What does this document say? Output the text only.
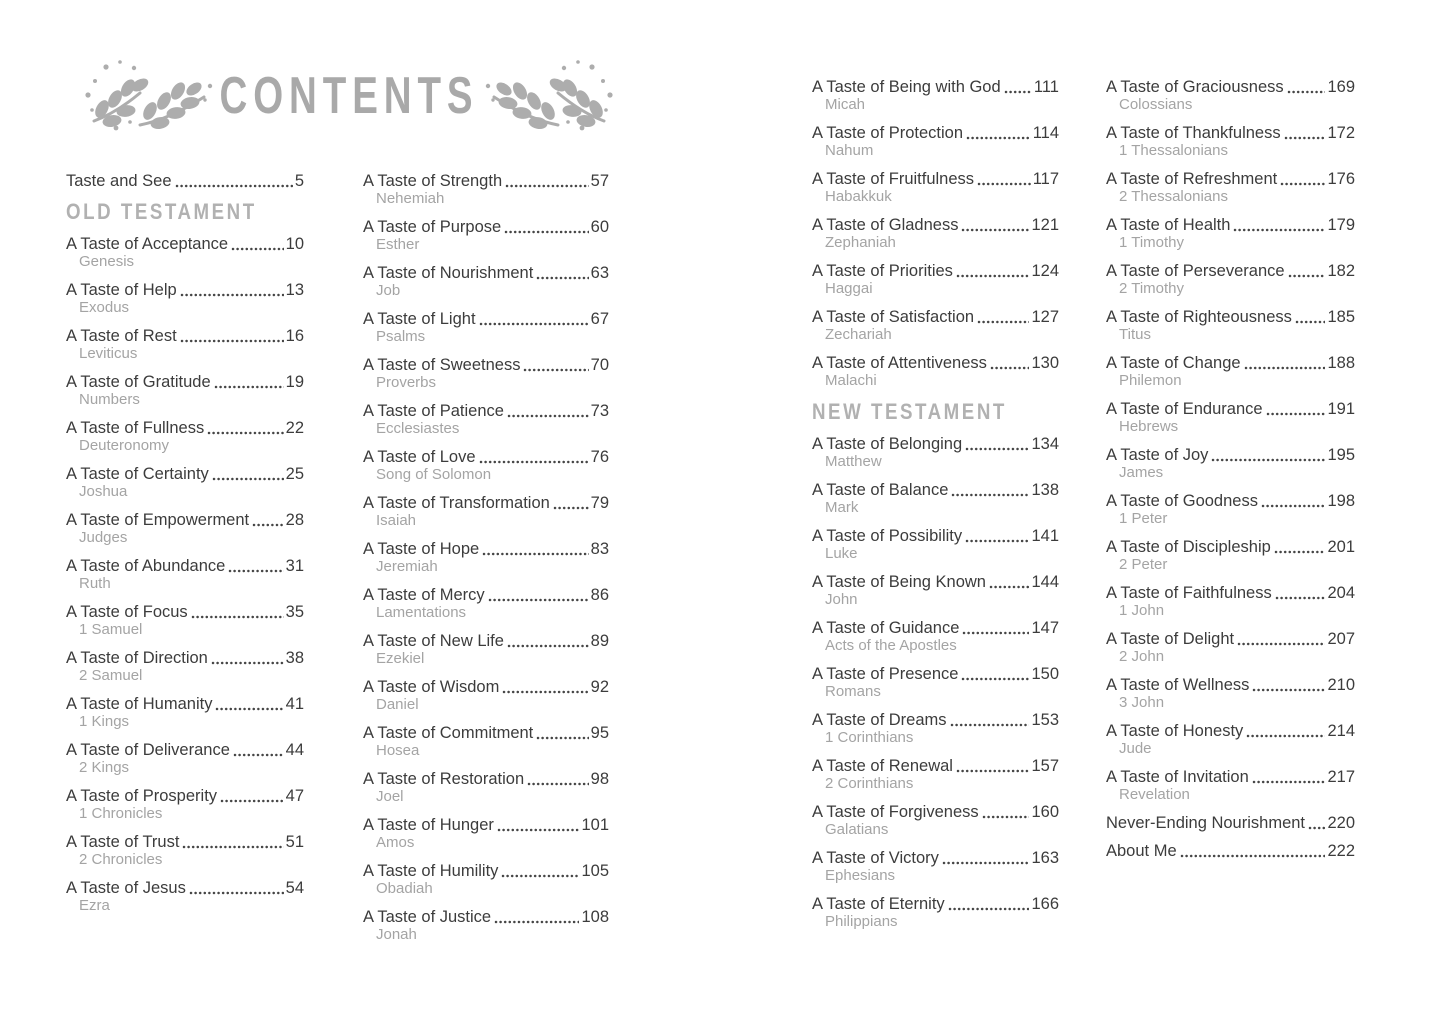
CONTENTS
Taste and See	5
OLD TESTAMENT
A Taste of Acceptance	10
Genesis
A Taste of Help	13
Exodus
A Taste of Rest	16
Leviticus
A Taste of Gratitude	19
Numbers
A Taste of Fullness	22
Deuteronomy
A Taste of Certainty	25
Joshua
A Taste of Empowerment 28
Judges
A Taste of Abundance	31
Ruth
A Taste of Focus	35
1 Samuel
A Taste of Direction	38
2 Samuel
A Taste of Humanity	41
1 Kings
A Taste of Deliverance	44
2 Kings
A Taste of Prosperity	47
1 Chronicles
A Taste of Trust	51
2 Chronicles
A Taste of Jesus	54
Ezra
A Taste of Strength	57
Nehemiah
A Taste of Purpose	60
Esther
A Taste of Nourishment	63
Job
A Taste of Light	67
Psalms
A Taste of Sweetness	70
Proverbs
A Taste of Patience	73
Ecclesiastes
A Taste of Love	76
Song of Solomon
A Taste of Transformation 79
Isaiah
A Taste of Hope	83
Jeremiah
A Taste of Mercy	86
Lamentations
A Taste of New Life	89
Ezekiel
A Taste of Wisdom	92
Daniel
A Taste of Commitment	95
Hosea
A Taste of Restoration	98
Joel
A Taste of Hunger	101
Amos
A Taste of Humility	105
Obadiah
A Taste of Justice	108
Jonah
A Taste of Being with God 111
Micah
A Taste of Protection	114
Nahum
A Taste of Fruitfulness	117
Habakkuk
A Taste of Gladness	121
Zephaniah
A Taste of Priorities	124
Haggai
A Taste of Satisfaction	127
Zechariah
A Taste of Attentiveness	130
Malachi
NEW TESTAMENT
A Taste of Belonging	134
Matthew
A Taste of Balance	138
Mark
A Taste of Possibility	141
Luke
A Taste of Being Known	144
John
A Taste of Guidance	147
Acts of the Apostles
A Taste of Presence	150
Romans
A Taste of Dreams	153
1 Corinthians
A Taste of Renewal	157
2 Corinthians
A Taste of Forgiveness	160
Galatians
A Taste of Victory	163
Ephesians
A Taste of Eternity	166
Philippians
A Taste of Graciousness	169
Colossians
A Taste of Thankfulness	172
1 Thessalonians
A Taste of Refreshment	176
2 Thessalonians
A Taste of Health	179
1 Timothy
A Taste of Perseverance	182
2 Timothy
A Taste of Righteousness 185
Titus
A Taste of Change	188
Philemon
A Taste of Endurance	191
Hebrews
A Taste of Joy	195
James
A Taste of Goodness	198
1 Peter
A Taste of Discipleship	201
2 Peter
A Taste of Faithfulness	204
1 John
A Taste of Delight	207
2 John
A Taste of Wellness	210
3 John
A Taste of Honesty	214
Jude
A Taste of Invitation	217
Revelation
Never-Ending Nourishment 220
About Me	222
